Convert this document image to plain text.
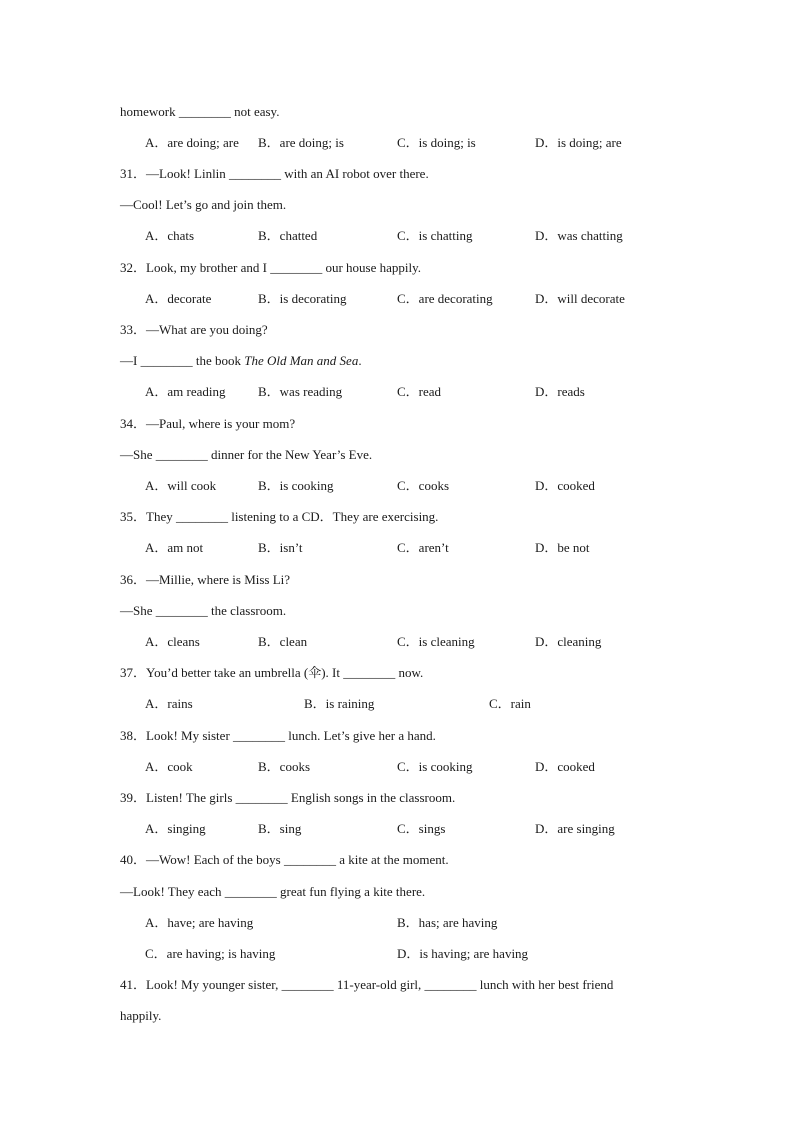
homework ________ not easy.
A．are doing; are B．are doing; is	C．is doing; is	D．is doing; are
31．—Look! Linlin ________ with an AI robot over there.
—Cool! Let’s go and join them.
A．chats	B．chatted	C．is chatting	D．was chatting
32．Look, my brother and I ________ our house happily.
A．decorate	B．is decorating	C．are decorating	D．will decorate
33．—What are you doing?
—I ________ the book The Old Man and Sea.
A．am reading B．was reading	C．read	D．reads
34．—Paul, where is your mom?
—She ________ dinner for the New Year’s Eve.
A．will cook	B．is cooking	C．cooks	D．cooked
35．They ________ listening to a CD．They are exercising.
A．am not	B．isn’t	C．aren’t	D．be not
36．—Millie, where is Miss Li?
—She ________ the classroom.
A．cleans	B．clean	C．is cleaning	D．cleaning
37．You’d better take an umbrella (伞). It ________ now.
A．rains	B．is raining	C．rain
38．Look! My sister ________ lunch. Let’s give her a hand.
A．cook	B．cooks	C．is cooking	D．cooked
39．Listen! The girls ________ English songs in the classroom.
A．singing	B．sing	C．sings	D．are singing
40．—Wow! Each of the boys ________ a kite at the moment.
—Look! They each ________ great fun flying a kite there.
A．have; are having	B．has; are having
C．are having; is having	D．is having; are having
41．Look! My younger sister, ________ 11-year-old girl, ________ lunch with her best friend
happily.
